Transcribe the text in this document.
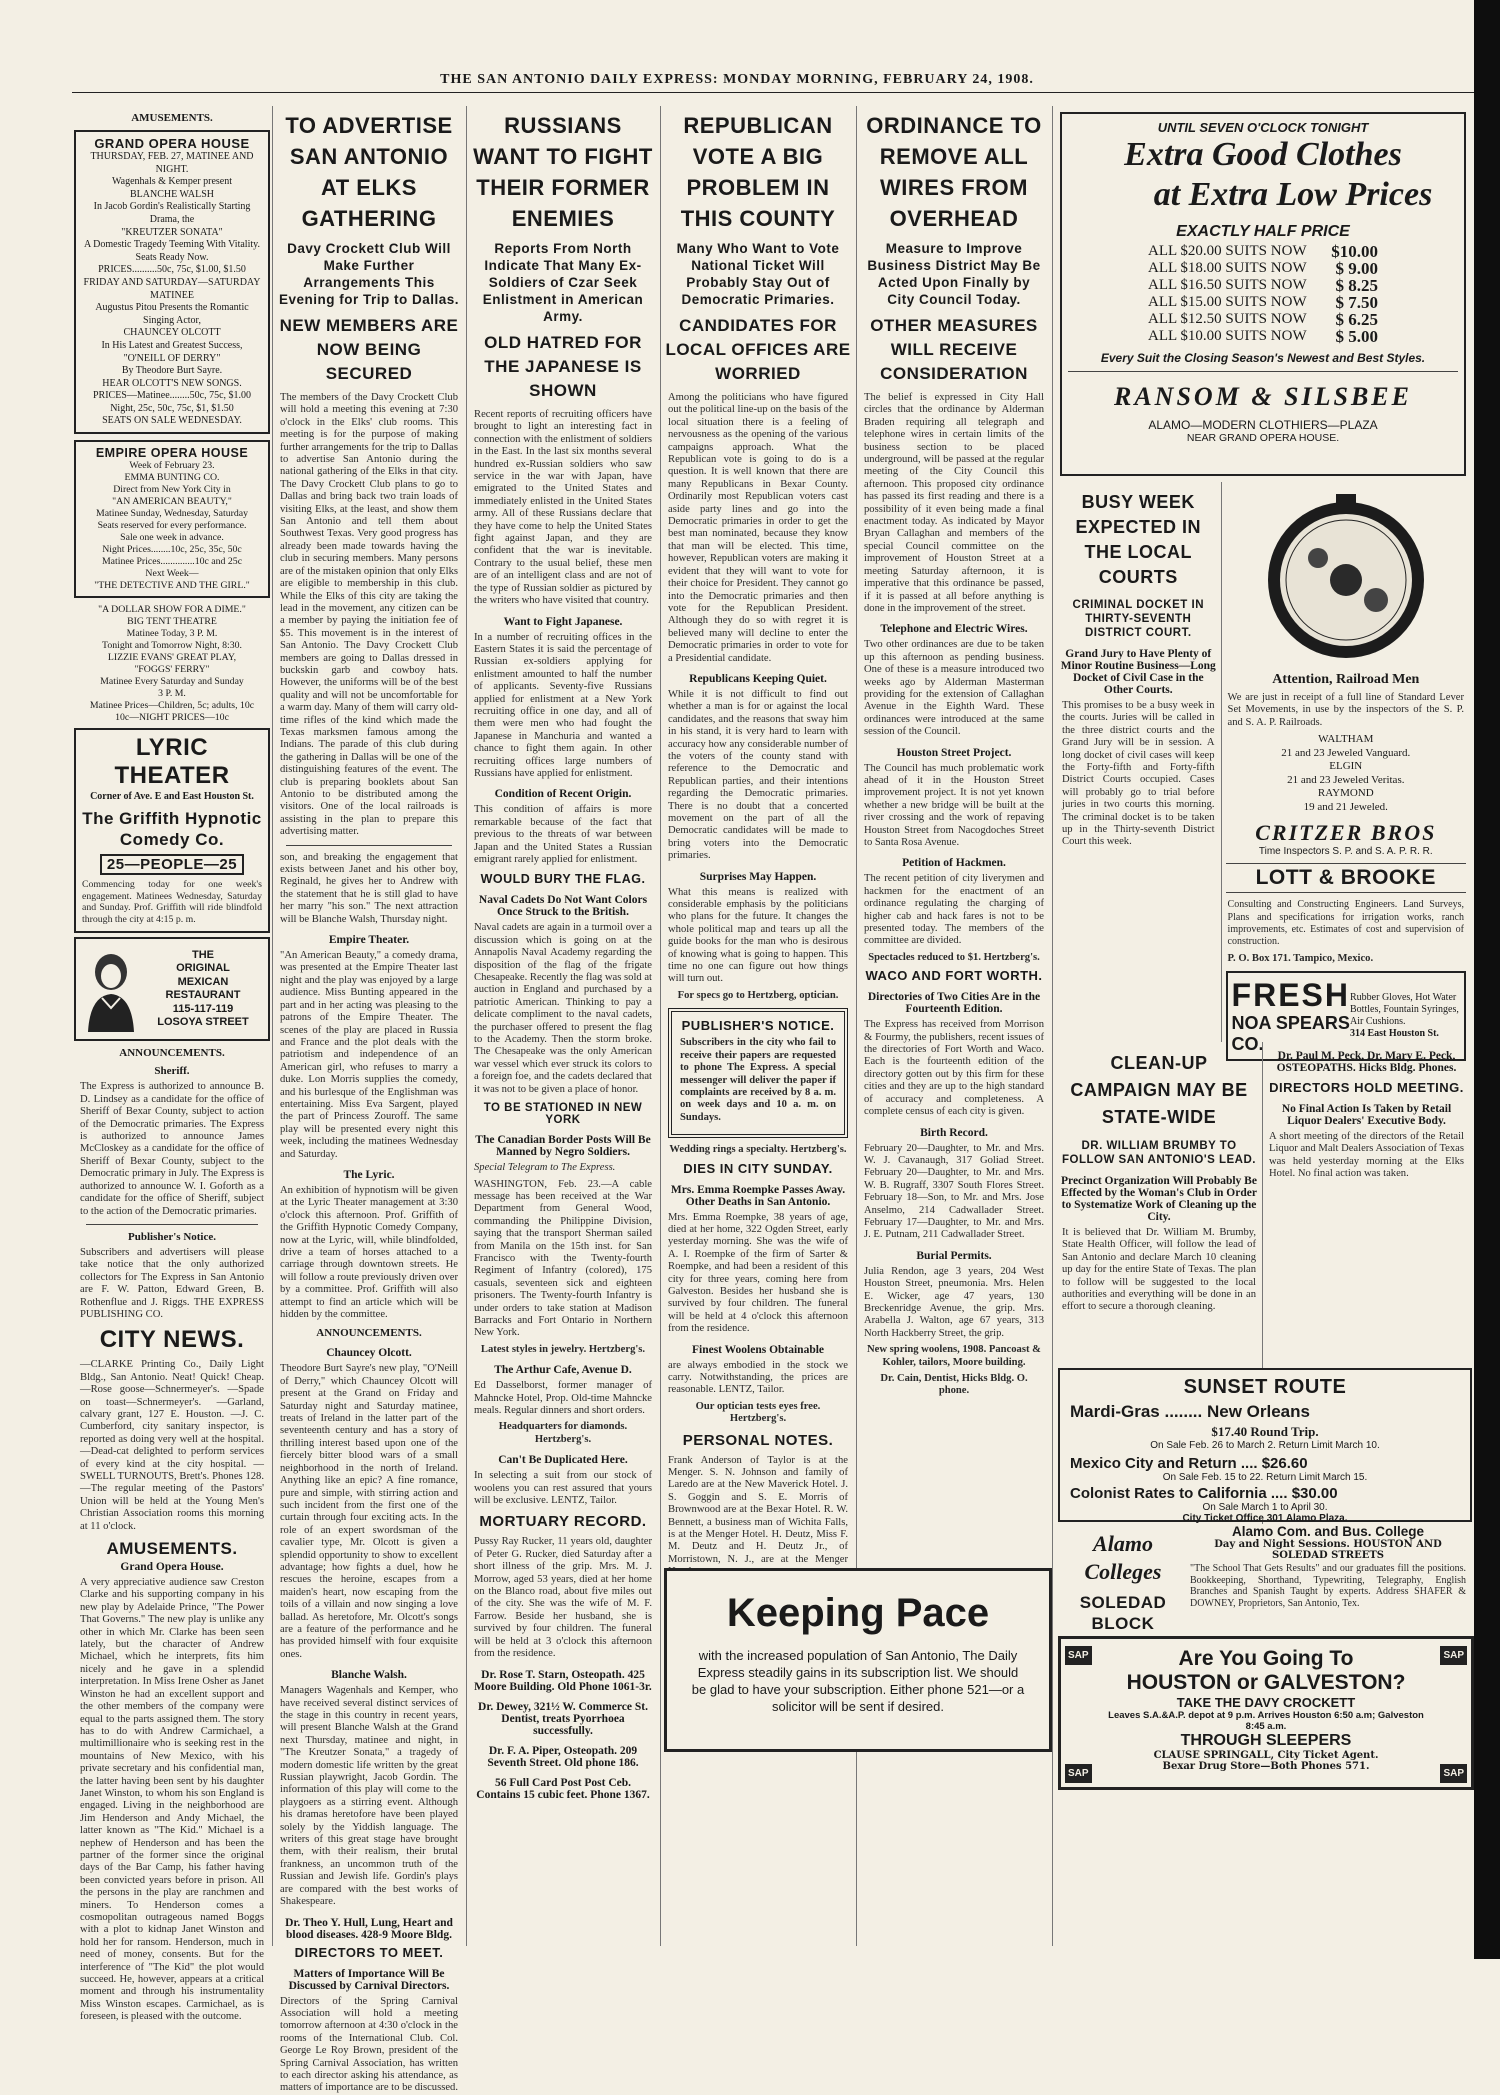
THE SAN ANTONIO DAILY EXPRESS: MONDAY MORNING, FEBRUARY 24, 1908.
AMUSEMENTS.
GRAND OPERA HOUSE
THURSDAY, FEB. 27, MATINEE AND NIGHT.
Wagenhals & Kemper present
BLANCHE WALSH
In Jacob Gordin's Realistically Starting Drama, the
"KREUTZER SONATA"
A Domestic Tragedy Teeming With Vitality.
Seats Ready Now.
PRICES..........50c, 75c, $1.00, $1.50
FRIDAY AND SATURDAY—SATURDAY MATINEE
Augustus Pitou Presents the Romantic Singing Actor,
CHAUNCEY OLCOTT
In His Latest and Greatest Success,
"O'NEILL OF DERRY"
By Theodore Burt Sayre.
HEAR OLCOTT'S NEW SONGS.
PRICES—Matinee........50c, 75c, $1.00
Night, 25c, 50c, 75c, $1, $1.50
SEATS ON SALE WEDNESDAY.
EMPIRE OPERA HOUSE
Week of February 23.
EMMA BUNTING CO.
Direct from New York City in
"AN AMERICAN BEAUTY,"
Matinee Sunday, Wednesday, Saturday
Seats reserved for every performance.
Sale one week in advance.
Night Prices........10c, 25c, 35c, 50c
Matinee Prices..............10c and 25c
Next Week—
"THE DETECTIVE AND THE GIRL."
"A DOLLAR SHOW FOR A DIME."
BIG TENT THEATRE
Matinee Today, 3 P. M.
Tonight and Tomorrow Night, 8:30.
LIZZIE EVANS' GREAT PLAY,
"FOGGS' FERRY"
Matinee Every Saturday and Sunday
3 P. M.
Matinee Prices—Children, 5c; adults, 10c
10c—NIGHT PRICES—10c
LYRIC THEATER
Corner of Ave. E and East Houston St.
The Griffith Hypnotic Comedy Co.
25—PEOPLE—25
Commencing today for one week's engagement. Matinees Wednesday, Saturday and Sunday. Prof. Griffith will ride blindfold through the city at 4:15 p. m.
THE
ORIGINAL
MEXICAN
RESTAURANT
115-117-119
LOSOYA STREET
ANNOUNCEMENTS.
Sheriff.
The Express is authorized to announce B. D. Lindsey as a candidate for the office of Sheriff of Bexar County, subject to action of the Democratic primaries. The Express is authorized to announce James McCloskey as a candidate for the office of Sheriff of Bexar County, subject to the Democratic primary in July. The Express is authorized to announce W. I. Goforth as a candidate for the office of Sheriff, subject to the action of the Democratic primaries.
Publisher's Notice.
Subscribers and advertisers will please take notice that the only authorized collectors for The Express in San Antonio are F. W. Patton, Edward Green, B. Rothenflue and J. Riggs. THE EXPRESS PUBLISHING CO.
CITY NEWS.
—CLARKE Printing Co., Daily Light Bldg., San Antonio. Neat! Quick! Cheap. —Rose goose—Schnermeyer's. —Spade on toast—Schnermeyer's. —Garland, calvary grant, 127 E. Houston. —J. C. Cumberford, city sanitary inspector, is reported as doing very well at the hospital. —Dead-cat delighted to perform services of every kind at the city hospital. —SWELL TURNOUTS, Brett's. Phones 128. —The regular meeting of the Pastors' Union will be held at the Young Men's Christian Association rooms this morning at 11 o'clock.
AMUSEMENTS.
Grand Opera House.
A very appreciative audience saw Creston Clarke and his supporting company in his new play by Adelaide Prince, "The Power That Governs." The new play is unlike any other in which Mr. Clarke has been seen lately, but the character of Andrew Michael, which he interprets, fits him nicely and he gave in a splendid interpretation. In Miss Irene Osher as Janet Winston he had an excellent support and the other members of the company were equal to the parts assigned them. The story has to do with Andrew Carmichael, a multimillionaire who is seeking rest in the mountains of New Mexico, with his private secretary and his confidential man, the latter having been sent by his daughter Janet Winston, to whom his son England is engaged. Living in the neighborhood are Jim Henderson and Andy Michael, the latter known as "The Kid." Michael is a nephew of Henderson and has been the partner of the former since the original days of the Bar Camp, his father having been convicted years before in prison. All the persons in the play are ranchmen and miners. To Henderson comes a cosmopolitan outrageous named Boggs with a plot to kidnap Janet Winston and hold her for ransom. Henderson, much in need of money, consents. But for the interference of "The Kid" the plot would succeed. He, however, appears at a critical moment and through his instrumentality Miss Winston escapes. Carmichael, as is foreseen, is pleased with the outcome.
TO ADVERTISE SAN ANTONIO AT ELKS GATHERING
Davy Crockett Club Will Make Further Arrangements This Evening for Trip to Dallas.
NEW MEMBERS ARE NOW BEING SECURED
The members of the Davy Crockett Club will hold a meeting this evening at 7:30 o'clock in the Elks' club rooms. This meeting is for the purpose of making further arrangements for the trip to Dallas to advertise San Antonio during the national gathering of the Elks in that city. The Davy Crockett Club plans to go to Dallas and bring back two train loads of visiting Elks, at the least, and show them San Antonio and tell them about Southwest Texas. Very good progress has already been made towards having the club in securing members. Many persons are of the mistaken opinion that only Elks are eligible to membership in this club. While the Elks of this city are taking the lead in the movement, any citizen can be a member by paying the initiation fee of $5. This movement is in the interest of San Antonio. The Davy Crockett Club members are going to Dallas dressed in buckskin garb and cowboy hats. However, the uniforms will be of the best quality and will not be uncomfortable for a warm day. Many of them will carry old-time rifles of the kind which made the Texas marksmen famous among the Indians. The parade of this club during the gathering in Dallas will be one of the distinguishing features of the event. The club is preparing booklets about San Antonio to be distributed among the visitors. One of the local railroads is assisting in the plan to prepare this advertising matter.
son, and breaking the engagement that exists between Janet and his other boy, Reginald, he gives her to Andrew with the statement that he is still glad to have her marry "his son." The next attraction will be Blanche Walsh, Thursday night.
Empire Theater.
"An American Beauty," a comedy drama, was presented at the Empire Theater last night and the play was enjoyed by a large audience. Miss Bunting appeared in the part and in her acting was pleasing to the patrons of the Empire Theater. The scenes of the play are placed in Russia and France and the plot deals with the patriotism and independence of an American girl, who refuses to marry a duke. Lon Morris supplies the comedy, and his burlesque of the Englishman was entertaining. Miss Eva Sargent, played the part of Princess Zouroff. The same play will be presented every night this week, including the matinees Wednesday and Saturday.
The Lyric.
An exhibition of hypnotism will be given at the Lyric Theater management at 3:30 o'clock this afternoon. Prof. Griffith of the Griffith Hypnotic Comedy Company, now at the Lyric, will, while blindfolded, drive a team of horses attached to a carriage through downtown streets. He will follow a route previously driven over by a committee. Prof. Griffith will also attempt to find an article which will be hidden by the committee.
ANNOUNCEMENTS.
Chauncey Olcott.
Theodore Burt Sayre's new play, "O'Neill of Derry," which Chauncey Olcott will present at the Grand on Friday and Saturday night and Saturday matinee, treats of Ireland in the latter part of the seventeenth century and has a story of thrilling interest based upon one of the fiercely bitter blood wars of a small neighborhood in the north of Ireland. Anything like an epic? A fine romance, pure and simple, with stirring action and such incident from the first one of the curtain through four exciting acts. In the role of an expert swordsman of the cavalier type, Mr. Olcott is given a splendid opportunity to show to excellent advantage; how fights a duel, how he rescues the heroine, escapes from a maiden's heart, now escaping from the toils of a villain and now singing a love ballad. As heretofore, Mr. Olcott's songs are a feature of the performance and he has provided himself with four exquisite ones.
Blanche Walsh.
Managers Wagenhals and Kemper, who have received several distinct services of the stage in this country in recent years, will present Blanche Walsh at the Grand next Thursday, matinee and night, in "The Kreutzer Sonata," a tragedy of modern domestic life written by the great Russian playwright, Jacob Gordin. The information of this play will come to the playgoers as a stirring event. Although his dramas heretofore have been played solely by the Yiddish language. The writers of this great stage have brought them, with their realism, their brutal frankness, an uncommon truth of the Russian and Jewish life. Gordin's plays are compared with the best works of Shakespeare.
Dr. Theo Y. Hull, Lung, Heart and blood diseases. 428-9 Moore Bldg.
DIRECTORS TO MEET.
Matters of Importance Will Be Discussed by Carnival Directors.
Directors of the Spring Carnival Association will hold a meeting tomorrow afternoon at 4:30 o'clock in the rooms of the International Club. Col. George Le Roy Brown, president of the Spring Carnival Association, has written to each director asking his attendance, as matters of importance are to be discussed.
RUSSIANS WANT TO FIGHT THEIR FORMER ENEMIES
Reports From North Indicate That Many Ex-Soldiers of Czar Seek Enlistment in American Army.
OLD HATRED FOR THE JAPANESE IS SHOWN
Recent reports of recruiting officers have brought to light an interesting fact in connection with the enlistment of soldiers in the East. In the last six months several hundred ex-Russian soldiers who saw service in the war with Japan, have emigrated to the United States and immediately enlisted in the United States army. All of these Russians declare that they have come to help the United States fight against Japan, and they are confident that the war is inevitable. Contrary to the usual belief, these men are of an intelligent class and are not of the type of Russian soldier as pictured by the writers who have visited that country.
Want to Fight Japanese.
In a number of recruiting offices in the Eastern States it is said the percentage of Russian ex-soldiers applying for enlistment amounted to half the number of applicants. Seventy-five Russians applied for enlistment at a New York recruiting office in one day, and all of them were men who had fought the Japanese in Manchuria and wanted a chance to fight them again. In other recruiting offices large numbers of Russians have applied for enlistment.
Condition of Recent Origin.
This condition of affairs is more remarkable because of the fact that previous to the threats of war between Japan and the United States a Russian emigrant rarely applied for enlistment.
WOULD BURY THE FLAG.
Naval Cadets Do Not Want Colors Once Struck to the British.
Naval cadets are again in a turmoil over a discussion which is going on at the Annapolis Naval Academy regarding the disposition of the flag of the frigate Chesapeake. Recently the flag was sold at auction in England and purchased by a patriotic American. Thinking to pay a delicate compliment to the naval cadets, the purchaser offered to present the flag to the Academy. Then the storm broke. The Chesapeake was the only American war vessel which ever struck its colors to a foreign foe, and the cadets declared that it was not to be given a place of honor.
TO BE STATIONED IN NEW YORK
The Canadian Border Posts Will Be Manned by Negro Soldiers.
Special Telegram to The Express.
WASHINGTON, Feb. 23.—A cable message has been received at the War Department from General Wood, commanding the Philippine Division, saying that the transport Sherman sailed from Manila on the 15th inst. for San Francisco with the Twenty-fourth Regiment of Infantry (colored), 175 casuals, seventeen sick and eighteen prisoners. The Twenty-fourth Infantry is under orders to take station at Madison Barracks and Fort Ontario in Northern New York.
Latest styles in jewelry. Hertzberg's.
The Arthur Cafe, Avenue D.
Ed Dasselborst, former manager of Mahncke Hotel, Prop. Old-time Mahncke meals. Regular dinners and short orders.
Headquarters for diamonds. Hertzberg's.
Can't Be Duplicated Here.
In selecting a suit from our stock of woolens you can rest assured that yours will be exclusive. LENTZ, Tailor.
MORTUARY RECORD.
Pussy Ray Rucker, 11 years old, daughter of Peter G. Rucker, died Saturday after a short illness of the grip. Mrs. M. J. Morrow, aged 53 years, died at her home on the Blanco road, about five miles out of the city. She was the wife of M. F. Farrow. Beside her husband, she is survived by four children. The funeral will be held at 3 o'clock this afternoon from the residence.
Dr. Rose T. Starn, Osteopath. 425 Moore Building. Old Phone 1061-3r.
Dr. Dewey, 321½ W. Commerce St. Dentist, treats Pyorrhoea successfully.
Dr. F. A. Piper, Osteopath. 209 Seventh Street. Old phone 186.
56 Full Card Post Post Ceb. Contains 15 cubic feet. Phone 1367.
REPUBLICAN VOTE A BIG PROBLEM IN THIS COUNTY
Many Who Want to Vote National Ticket Will Probably Stay Out of Democratic Primaries.
CANDIDATES FOR LOCAL OFFICES ARE WORRIED
Among the politicians who have figured out the political line-up on the basis of the local situation there is a feeling of nervousness as the opening of the various campaigns approach. What the Republican vote is going to do is a question. It is well known that there are many Republicans in Bexar County. Ordinarily most Republican voters cast aside party lines and go into the Democratic primaries in order to get the best man nominated, because they know that man will be elected. This time, however, Republican voters are making it evident that they will want to vote for their choice for President. They cannot go into the Democratic primaries and then vote for the Republican President. Although they do so with regret it is believed many will decline to enter the Democratic primaries in order to vote for a Presidential candidate.
Republicans Keeping Quiet.
While it is not difficult to find out whether a man is for or against the local candidates, and the reasons that sway him in his stand, it is very hard to learn with accuracy how any considerable number of the voters of the county stand with reference to the Democratic and Republican parties, and their intentions regarding the Democratic primaries. There is no doubt that a concerted movement on the part of all the Democratic candidates will be made to bring voters into the Democratic primaries.
Surprises May Happen.
What this means is realized with considerable emphasis by the politicians who plans for the future. It changes the whole political map and tears up all the guide books for the man who is desirous of knowing what is going to happen. This time no one can figure out how things will turn out.
For specs go to Hertzberg, optician.
PUBLISHER'S NOTICE.
Subscribers in the city who fail to receive their papers are requested to phone The Express. A special messenger will deliver the paper if complaints are received by 8 a. m. on week days and 10 a. m. on Sundays.
Wedding rings a specialty. Hertzberg's.
DIES IN CITY SUNDAY.
Mrs. Emma Roempke Passes Away. Other Deaths in San Antonio.
Mrs. Emma Roempke, 38 years of age, died at her home, 322 Ogden Street, early yesterday morning. She was the wife of A. I. Roempke of the firm of Sarter & Roempke, and had been a resident of this city for three years, coming here from Galveston. Besides her husband she is survived by four children. The funeral will be held at 4 o'clock this afternoon from the residence.
Finest Woolens Obtainable
are always embodied in the stock we carry. Notwithstanding, the prices are reasonable. LENTZ, Tailor.
Our optician tests eyes free. Hertzberg's.
PERSONAL NOTES.
Frank Anderson of Taylor is at the Menger. S. N. Johnson and family of Laredo are at the New Maverick Hotel. J. S. Goggin and S. E. Morris of Brownwood are at the Bexar Hotel. R. W. Bennett, a business man of Wichita Falls, is at the Menger Hotel. H. Deutz, Miss F. M. Deutz and H. Deutz Jr., of Morristown, N. J., are at the Menger
ORDINANCE TO REMOVE ALL WIRES FROM OVERHEAD
Measure to Improve Business District May Be Acted Upon Finally by City Council Today.
OTHER MEASURES WILL RECEIVE CONSIDERATION
The belief is expressed in City Hall circles that the ordinance by Alderman Braden requiring all telegraph and telephone wires in certain limits of the business section to be placed underground, will be passed at the regular meeting of the City Council this afternoon. This proposed city ordinance has passed its first reading and there is a possibility of it even being made a final enactment today. As indicated by Mayor Bryan Callaghan and members of the special Council committee on the improvement of Houston Street at a meeting Saturday afternoon, it is imperative that this ordinance be passed, if it is passed at all before anything is done in the improvement of the street.
Telephone and Electric Wires.
Two other ordinances are due to be taken up this afternoon as pending business. One of these is a measure introduced two weeks ago by Alderman Masterman providing for the extension of Callaghan Avenue in the Eighth Ward. These ordinances were introduced at the same session of the Council.
Houston Street Project.
The Council has much problematic work ahead of it in the Houston Street improvement project. It is not yet known whether a new bridge will be built at the river crossing and the work of repaving Houston Street from Nacogdoches Street to Santa Rosa Avenue.
Petition of Hackmen.
The recent petition of city liverymen and hackmen for the enactment of an ordinance regulating the charging of higher cab and hack fares is not to be presented today. The members of the committee are divided.
Spectacles reduced to $1. Hertzberg's.
WACO AND FORT WORTH.
Directories of Two Cities Are in the Fourteenth Edition.
The Express has received from Morrison & Fourmy, the publishers, recent issues of the directories of Fort Worth and Waco. Each is the fourteenth edition of the directory gotten out by this firm for these cities and they are up to the high standard of accuracy and completeness. A complete census of each city is given.
Birth Record.
February 20—Daughter, to Mr. and Mrs. W. J. Cavanaugh, 317 Goliad Street. February 20—Daughter, to Mr. and Mrs. W. B. Rugraff, 3307 South Flores Street. February 18—Son, to Mr. and Mrs. Jose Anselmo, 214 Cadwallader Street. February 17—Daughter, to Mr. and Mrs. J. E. Putnam, 211 Cadwallader Street.
Burial Permits.
Julia Rendon, age 3 years, 204 West Houston Street, pneumonia. Mrs. Helen E. Wicker, age 47 years, 130 Breckenridge Avenue, the grip. Mrs. Arabella J. Walton, age 67 years, 313 North Hackberry Street, the grip.
New spring woolens, 1908. Pancoast & Kohler, tailors, Moore building.
Dr. Cain, Dentist, Hicks Bldg. O. phone.
Keeping Pace
with the increased population of San Antonio, The Daily Express steadily gains in its subscription list. We should be glad to have your subscription. Either phone 521—or a solicitor will be sent if desired.
UNTIL SEVEN O'CLOCK TONIGHT
Extra Good Clothes
at Extra Low Prices
EXACTLY HALF PRICE
ALL $20.00 SUITS NOW $10.00
ALL $18.00 SUITS NOW $ 9.00
ALL $16.50 SUITS NOW $ 8.25
ALL $15.00 SUITS NOW $ 7.50
ALL $12.50 SUITS NOW $ 6.25
ALL $10.00 SUITS NOW $ 5.00
Every Suit the Closing Season's Newest and Best Styles.
RANSOM & SILSBEE
ALAMO—MODERN CLOTHIERS—PLAZA
NEAR GRAND OPERA HOUSE.
BUSY WEEK EXPECTED IN THE LOCAL COURTS
CRIMINAL DOCKET IN THIRTY-SEVENTH DISTRICT COURT.
Grand Jury to Have Plenty of Minor Routine Business—Long Docket of Civil Case in the Other Courts.
This promises to be a busy week in the courts. Juries will be called in the three district courts and the Grand Jury will be in session. A long docket of civil cases will keep the Forty-fifth and Forty-fifth District Courts occupied. Cases will probably go to trial before juries in two courts this morning. The criminal docket is to be taken up in the Thirty-seventh District Court this week.
Attention, Railroad Men
We are just in receipt of a full line of Standard Lever Set Movements, in use by the inspectors of the S. P. and S. A. P. Railroads.
WALTHAM
21 and 23 Jeweled Vanguard.
ELGIN
21 and 23 Jeweled Veritas.
RAYMOND
19 and 21 Jeweled.
CRITZER BROS
Time Inspectors S. P. and S. A. P. R. R.
LOTT & BROOKE
Consulting and Constructing Engineers. Land Surveys, Plans and specifications for irrigation works, ranch improvements, etc. Estimates of cost and supervision of construction.
P. O. Box 171. Tampico, Mexico.
FRESH
NOA SPEARS CO.
Rubber Gloves, Hot Water Bottles, Fountain Syringes, Air Cushions.
314 East Houston St.
CLEAN-UP CAMPAIGN MAY BE STATE-WIDE
DR. WILLIAM BRUMBY TO FOLLOW SAN ANTONIO'S LEAD.
Precinct Organization Will Probably Be Effected by the Woman's Club in Order to Systematize Work of Cleaning up the City.
It is believed that Dr. William M. Brumby, State Health Officer, will follow the lead of San Antonio and declare March 10 cleaning up day for the entire State of Texas. The plan to follow will be suggested to the local authorities and everything will be done in an effort to secure a thorough cleaning.
Dr. Paul M. Peck, Dr. Mary E. Peck, OSTEOPATHS. Hicks Bldg. Phones.
DIRECTORS HOLD MEETING.
No Final Action Is Taken by Retail Liquor Dealers' Executive Body.
A short meeting of the directors of the Retail Liquor and Malt Dealers Association of Texas was held yesterday morning at the Elks Hotel. No final action was taken.
SUNSET ROUTE
Mardi-Gras ........ New Orleans
$17.40 Round Trip.
On Sale Feb. 26 to March 2. Return Limit March 10.
Mexico City and Return .... $26.60
On Sale Feb. 15 to 22. Return Limit March 15.
Colonist Rates to California .... $30.00
On Sale March 1 to April 30.
City Ticket Office 301 Alamo Plaza.
Alamo Colleges
SOLEDAD BLOCK
Alamo Com. and Bus. College
Day and Night Sessions. HOUSTON AND SOLEDAD STREETS
"The School That Gets Results" and our graduates fill the positions. Bookkeeping, Shorthand, Typewriting, Telegraphy, English Branches and Spanish Taught by experts. Address SHAFER & DOWNEY, Proprietors, San Antonio, Tex.
SAP	SAP
SAP	SAP
Are You Going To
HOUSTON or GALVESTON?
TAKE THE DAVY CROCKETT
Leaves S.A.&A.P. depot at 9 p.m. Arrives Houston 6:50 a.m; Galveston 8:45 a.m.
THROUGH SLEEPERS
CLAUSE SPRINGALL, City Ticket Agent.
Bexar Drug Store—Both Phones 571.
